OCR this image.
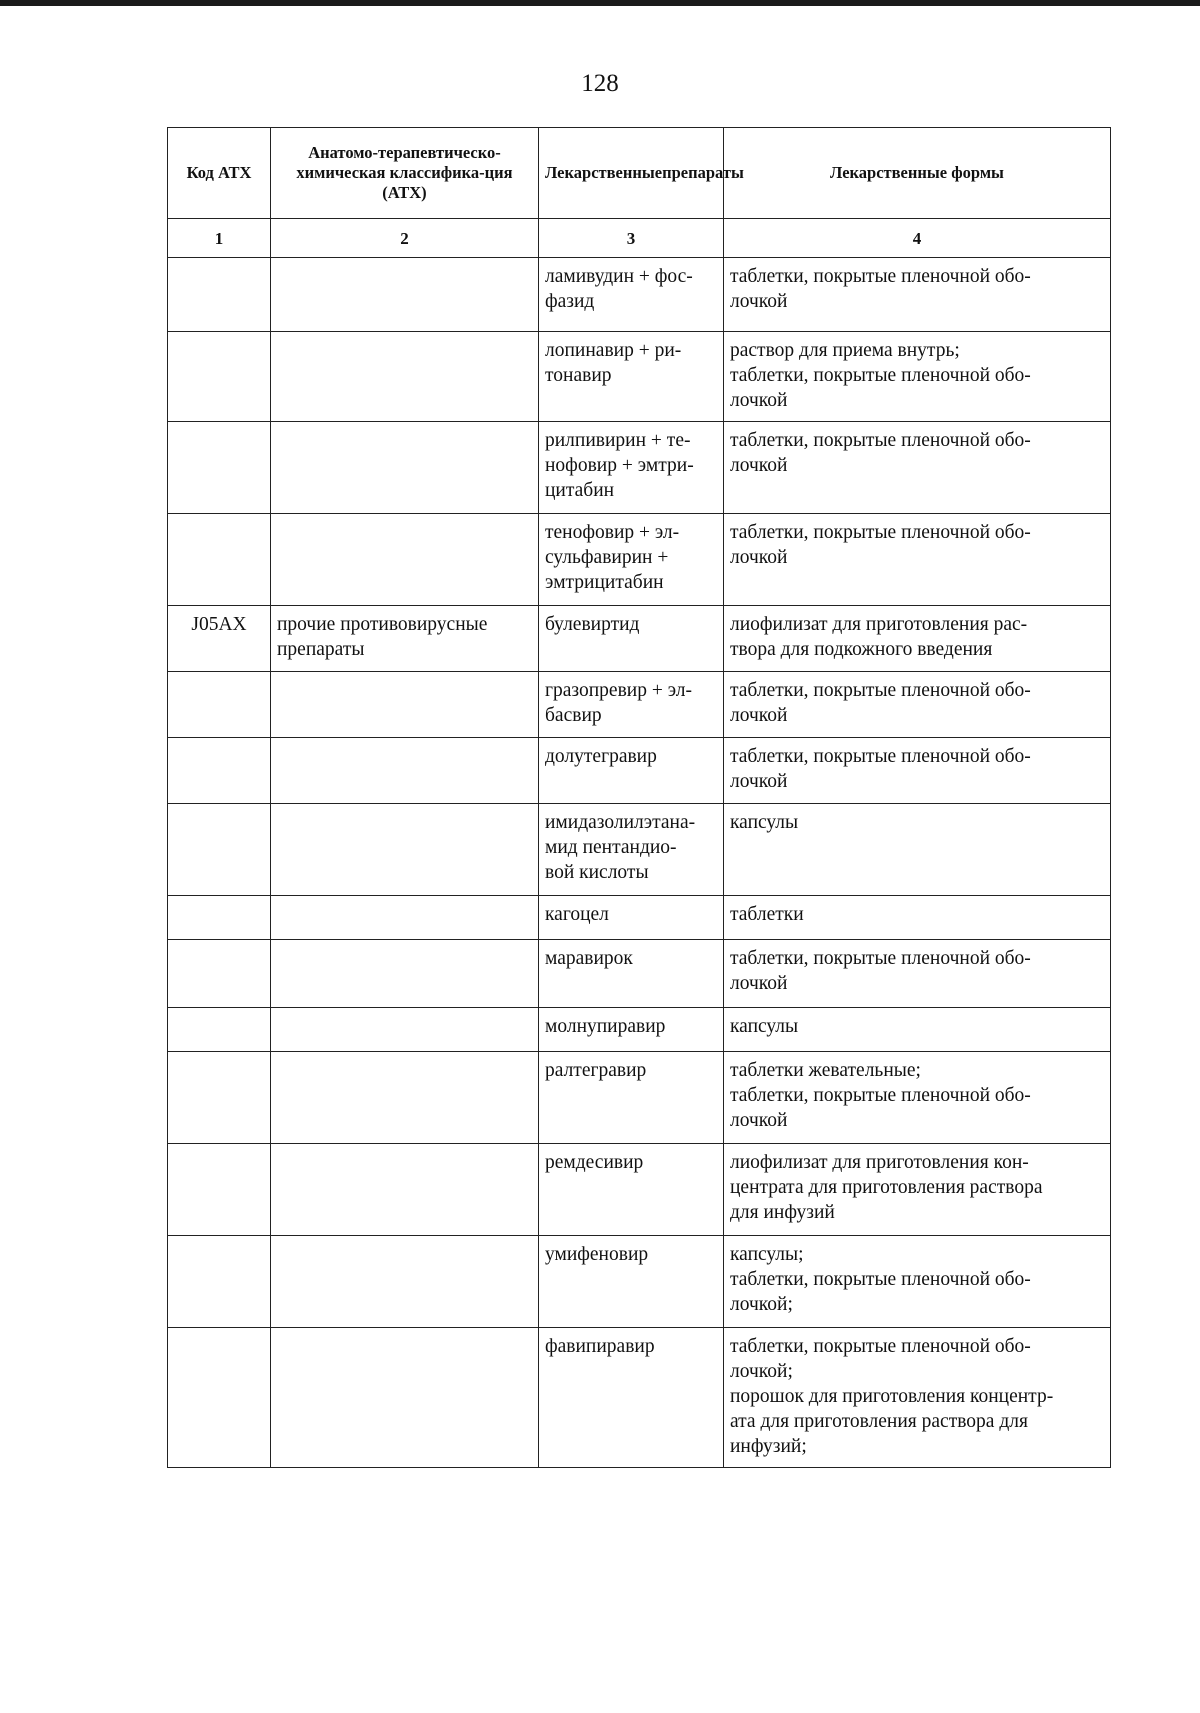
128
Код АТХ	Анатомо-терапевтическо-химическая классифика-ция (АТХ)	Лекарственныепрепараты	Лекарственные формы
1	2	3	4

		ламивудин + фос-
фазид	таблетки, покрытые пленочной обо-
лочкой

		лопинавир + ри-
тонавир	раствор для приема внутрь;
таблетки, покрытые пленочной обо-
лочкой

		рилпивирин + те-
нофовир + эмтри-
цитабин	таблетки, покрытые пленочной обо-
лочкой

		тенофовир + эл-
сульфавирин +
эмтрицитабин	таблетки, покрытые пленочной обо-
лочкой

J05AX	прочие противовирусные
препараты	булевиртид	лиофилизат для приготовления рас-
твора для подкожного введения

		гразопревир + эл-
басвир	таблетки, покрытые пленочной обо-
лочкой

		долутегравир	таблетки, покрытые пленочной обо-
лочкой

		имидазолилэтана-
мид пентандио-
вой кислоты	капсулы

		кагоцел	таблетки

		маравирок	таблетки, покрытые пленочной обо-
лочкой

		молнупиравир	капсулы

		ралтегравир	таблетки жевательные;
таблетки, покрытые пленочной обо-
лочкой

		ремдесивир	лиофилизат для приготовления кон-
центрата для приготовления раствора
для инфузий

		умифеновир	капсулы;
таблетки, покрытые пленочной обо-
лочкой;

		фавипиравир	таблетки, покрытые пленочной обо-
лочкой;
порошок для приготовления концентр-
ата для приготовления раствора для
инфузий;
